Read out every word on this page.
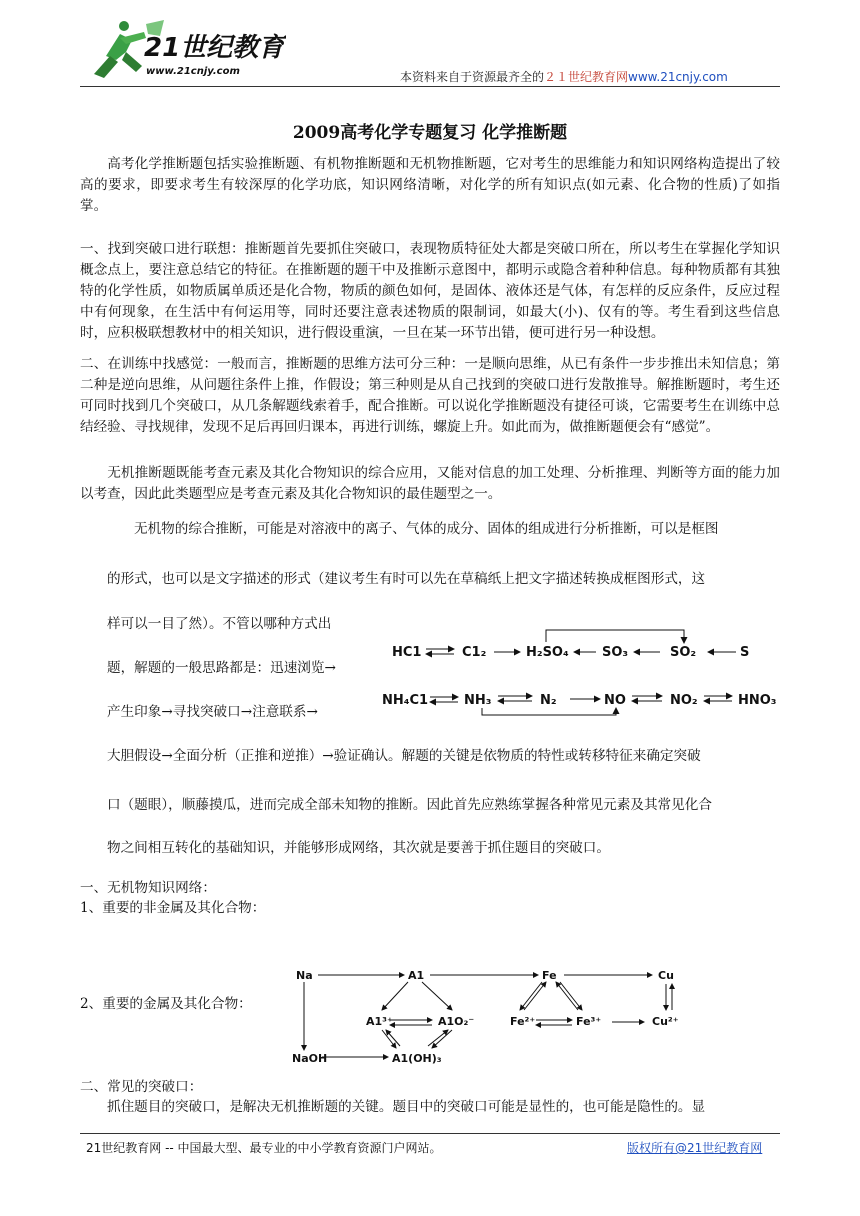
21世纪教育
www.21cnjy.com	本资料来自于资源最齐全的２１世纪教育网www.21cnjy.com
2009高考化学专题复习 化学推断题
高考化学推断题包括实验推断题、有机物推断题和无机物推断题，它对考生的思维能力和知识网络构造提出了较高的要求，即要求考生有较深厚的化学功底，知识网络清晰，对化学的所有知识点(如元素、化合物的性质)了如指掌。
一、找到突破口进行联想：推断题首先要抓住突破口，表现物质特征处大都是突破口所在，所以考生在掌握化学知识概念点上，要注意总结它的特征。在推断题的题干中及推断示意图中，都明示或隐含着种种信息。每种物质都有其独特的化学性质，如物质属单质还是化合物，物质的颜色如何，是固体、液体还是气体，有怎样的反应条件，反应过程中有何现象，在生活中有何运用等，同时还要注意表述物质的限制词，如最大(小)、仅有的等。考生看到这些信息时，应积极联想教材中的相关知识，进行假设重演，一旦在某一环节出错，便可进行另一种设想。
二、在训练中找感觉：一般而言，推断题的思维方法可分三种：一是顺向思维，从已有条件一步步推出未知信息；第二种是逆向思维，从问题往条件上推，作假设；第三种则是从自己找到的突破口进行发散推导。解推断题时，考生还可同时找到几个突破口，从几条解题线索着手，配合推断。可以说化学推断题没有捷径可谈，它需要考生在训练中总结经验、寻找规律，发现不足后再回归课本，再进行训练，螺旋上升。如此而为，做推断题便会有“感觉”。
无机推断题既能考查元素及其化合物知识的综合应用，又能对信息的加工处理、分析推理、判断等方面的能力加以考查，因此此类题型应是考查元素及其化合物知识的最佳题型之一。
无机物的综合推断，可能是对溶液中的离子、气体的成分、固体的组成进行分析推断，可以是框图
的形式，也可以是文字描述的形式（建议考生有时可以先在草稿纸上把文字描述转换成框图形式，这
样可以一目了然）。不管以哪种方式出
题，解题的一般思路都是：迅速浏览→
产生印象→寻找突破口→注意联系→
大胆假设→全面分析（正推和逆推）→验证确认。解题的关键是依物质的特性或转移特征来确定突破
口（题眼），顺藤摸瓜，进而完成全部未知物的推断。因此首先应熟练掌握各种常见元素及其常见化合
物之间相互转化的基础知识，并能够形成网络，其次就是要善于抓住题目的突破口。
HC1	C1₂	H₂SO₄	SO₃	SO₂	S
NH₄C1	NH₃	N₂	NO	NO₂	HNO₃
一、无机物知识网络：
1、重要的非金属及其化合物：
2、重要的金属及其化合物：
Na	A1	Fe	Cu
A1³⁺	A1O₂⁻	Fe²⁺	Fe³⁺	Cu²⁺
NaOH	A1(OH)₃
二、常见的突破口：
抓住题目的突破口，是解决无机推断题的关键。题目中的突破口可能是显性的，也可能是隐性的。显
21世纪教育网 -- 中国最大型、最专业的中小学教育资源门户网站。	版权所有@21世纪教育网
